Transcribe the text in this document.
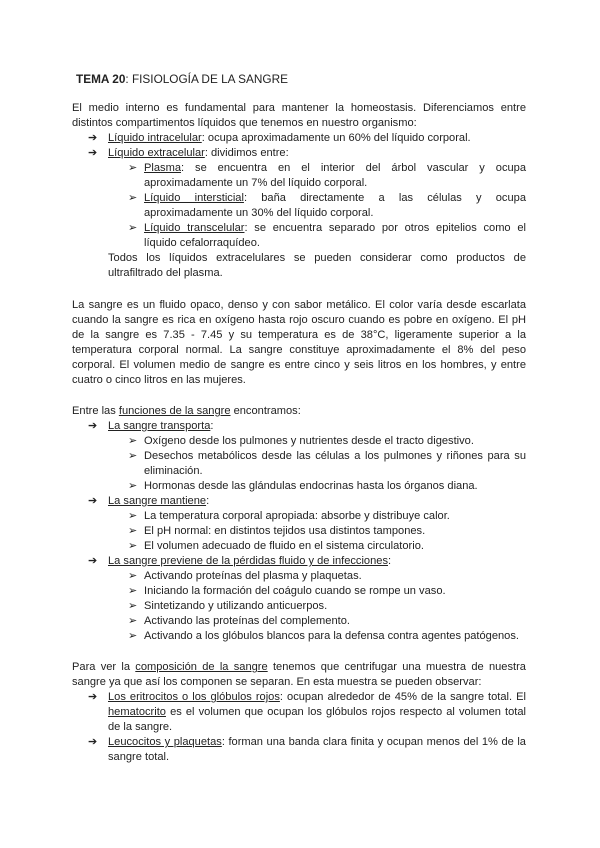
TEMA 20: FISIOLOGÍA DE LA SANGRE

El medio interno es fundamental para mantener la homeostasis. Diferenciamos entre distintos compartimentos líquidos que tenemos en nuestro organismo:

➔ Líquido intracelular: ocupa aproximadamente un 60% del líquido corporal.
➔ Líquido extracelular: dividimos entre:
➢ Plasma: se encuentra en el interior del árbol vascular y ocupa aproximadamente un 7% del líquido corporal.
➢ Líquido intersticial: baña directamente a las células y ocupa aproximadamente un 30% del líquido corporal.
➢ Líquido transcelular: se encuentra separado por otros epitelios como el líquido cefalorraquídeo.
Todos los líquidos extracelulares se pueden considerar como productos de ultrafiltrado del plasma.

La sangre es un fluido opaco, denso y con sabor metálico. El color varía desde escarlata cuando la sangre es rica en oxígeno hasta rojo oscuro cuando es pobre en oxígeno. El pH de la sangre es 7.35 - 7.45 y su temperatura es de 38°C, ligeramente superior a la temperatura corporal normal. La sangre constituye aproximadamente el 8% del peso corporal. El volumen medio de sangre es entre cinco y seis litros en los hombres, y entre cuatro o cinco litros en las mujeres.

Entre las funciones de la sangre encontramos:

➔ La sangre transporta:
➢ Oxígeno desde los pulmones y nutrientes desde el tracto digestivo.
➢ Desechos metabólicos desde las células a los pulmones y riñones para su eliminación.
➢ Hormonas desde las glándulas endocrinas hasta los órganos diana.
➔ La sangre mantiene:
➢ La temperatura corporal apropiada: absorbe y distribuye calor.
➢ El pH normal: en distintos tejidos usa distintos tampones.
➢ El volumen adecuado de fluido en el sistema circulatorio.
➔ La sangre previene de la pérdidas fluido y de infecciones:
➢ Activando proteínas del plasma y plaquetas.
➢ Iniciando la formación del coágulo cuando se rompe un vaso.
➢ Sintetizando y utilizando anticuerpos.
➢ Activando las proteínas del complemento.
➢ Activando a los glóbulos blancos para la defensa contra agentes patógenos.

Para ver la composición de la sangre tenemos que centrifugar una muestra de nuestra sangre ya que así los componen se separan. En esta muestra se pueden observar:

➔ Los eritrocitos o los glóbulos rojos: ocupan alrededor de 45% de la sangre total. El hematocrito es el volumen que ocupan los glóbulos rojos respecto al volumen total de la sangre.
➔ Leucocitos y plaquetas: forman una banda clara finita y ocupan menos del 1% de la sangre total.
